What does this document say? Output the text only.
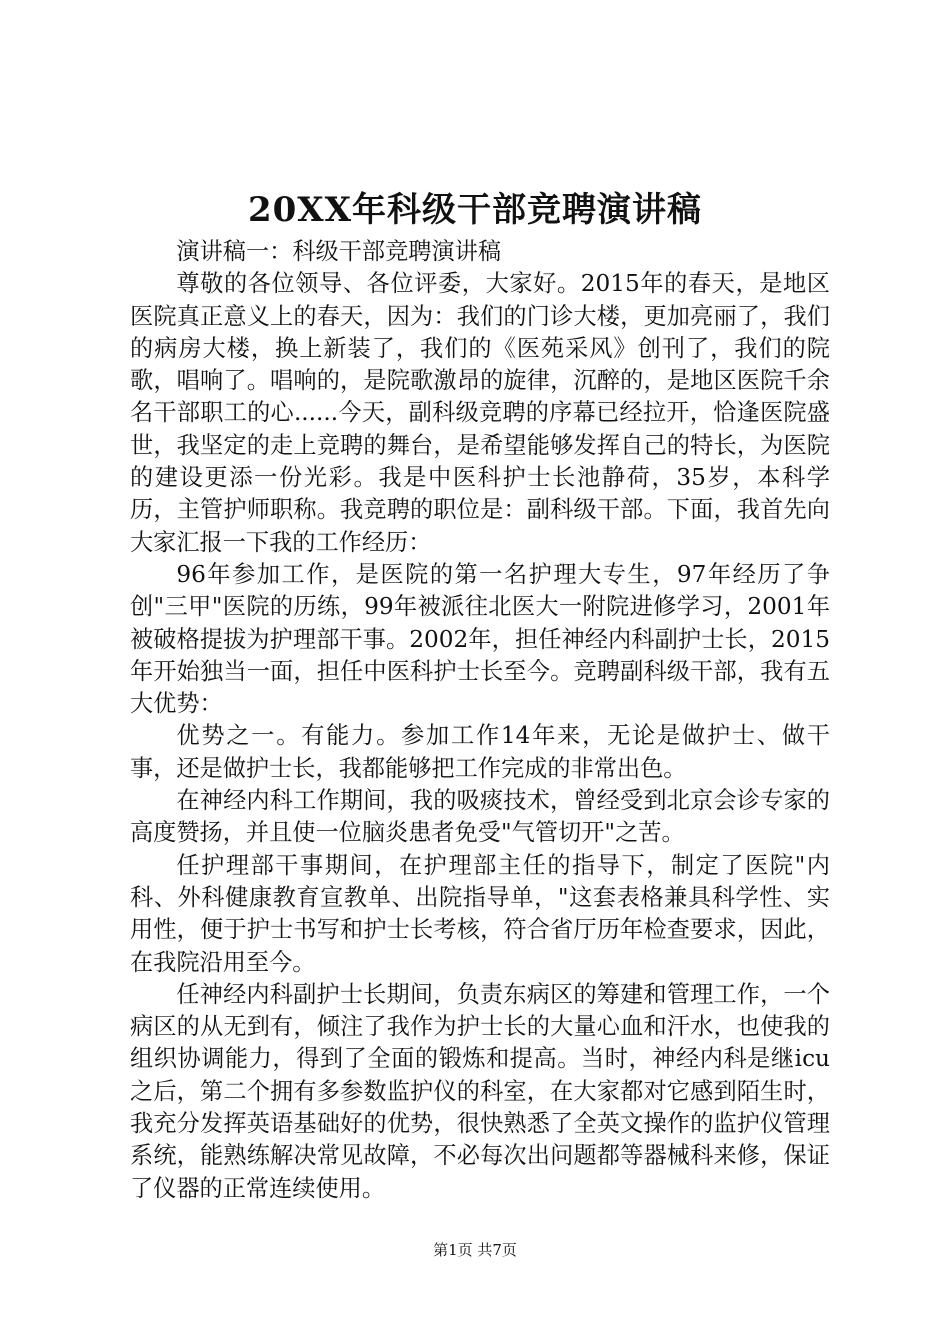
20XX年科级干部竞聘演讲稿

演讲稿一：科级干部竞聘演讲稿

尊敬的各位领导、各位评委，大家好。2015年的春天，是地区医院真正意义上的春天，因为：我们的门诊大楼，更加亮丽了，我们的病房大楼，换上新装了，我们的《医苑采风》创刊了，我们的院歌，唱响了。唱响的，是院歌激昂的旋律，沉醉的，是地区医院千余名干部职工的心......今天，副科级竞聘的序幕已经拉开，恰逢医院盛世，我坚定的走上竞聘的舞台，是希望能够发挥自己的特长，为医院的建设更添一份光彩。我是中医科护士长池静荷，35岁，本科学历，主管护师职称。我竞聘的职位是：副科级干部。下面，我首先向大家汇报一下我的工作经历：

96年参加工作，是医院的第一名护理大专生，97年经历了争创"三甲"医院的历练，99年被派往北医大一附院进修学习，2001年被破格提拔为护理部干事。2002年，担任神经内科副护士长，2015年开始独当一面，担任中医科护士长至今。竞聘副科级干部，我有五大优势：

优势之一。有能力。参加工作14年来，无论是做护士、做干事，还是做护士长，我都能够把工作完成的非常出色。

在神经内科工作期间，我的吸痰技术，曾经受到北京会诊专家的高度赞扬，并且使一位脑炎患者免受"气管切开"之苦。

任护理部干事期间，在护理部主任的指导下，制定了医院"内科、外科健康教育宣教单、出院指导单，"这套表格兼具科学性、实用性，便于护士书写和护士长考核，符合省厅历年检查要求，因此，在我院沿用至今。

任神经内科副护士长期间，负责东病区的筹建和管理工作，一个病区的从无到有，倾注了我作为护士长的大量心血和汗水，也使我的组织协调能力，得到了全面的锻炼和提高。当时，神经内科是继icu之后，第二个拥有多参数监护仪的科室，在大家都对它感到陌生时，我充分发挥英语基础好的优势，很快熟悉了全英文操作的监护仪管理系统，能熟练解决常见故障，不必每次出问题都等器械科来修，保证了仪器的正常连续使用。

第1页 共7页
